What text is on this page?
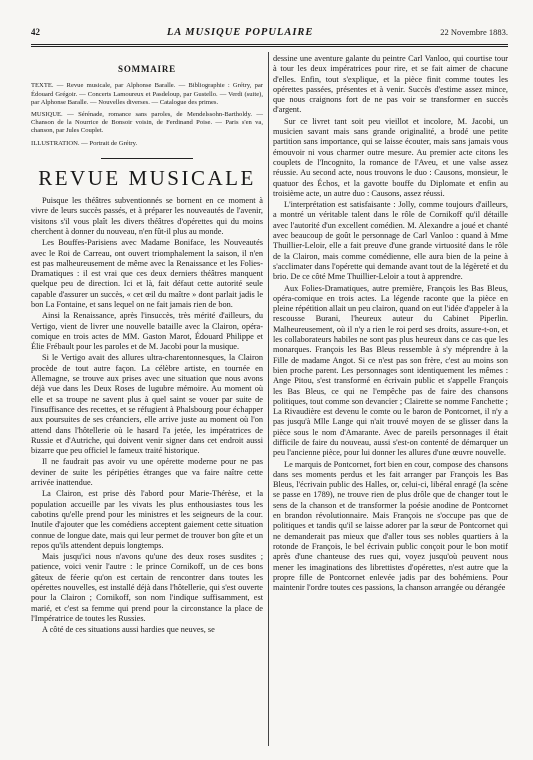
42	LA MUSIQUE POPULAIRE	22 Novembre 1883.
SOMMAIRE

TEXTE. — Revue musicale, par Alphonse Baralle. — Bibliographie : Grétry, par Édouard Grégoir. — Concerts Lamoureux et Pasdeloup, par Gustello. — Verdi (suite), par Alphonse Baralle. — Nouvelles diverses. — Catalogue des primes.

MUSIQUE. — Sérénade, romance sans paroles, de Mendelssohn-Bartholdy. — Chanson de la Nourrice de Bonsoir voisin, de Ferdinand Poise. — Paris s'en va, chanson, par Jules Couplet.

ILLUSTRATION. — Portrait de Grétry.

REVUE MUSICALE

Puisque les théâtres subventionnés se bornent en ce moment à vivre de leurs succès passés, et à préparer les nouveautés de l'avenir, visitons s'il vous plaît les divers théâtres d'opérettes qui du moins cherchent à donner du nouveau, n'en fût-il plus au monde.

Les Bouffes-Parisiens avec Madame Boniface, les Nouveautés avec le Roi de Carreau, ont ouvert triomphalement la saison, il n'en est pas malheureusement de même avec la Renaissance et les Folies-Dramatiques : il est vrai que ces deux derniers théâtres manquent quelque peu de direction. Ici et là, fait défaut cette autorité seule capable d'assurer un succès, « cet œil du maître » dont parlait jadis le bon La Fontaine, et sans lequel on ne fait jamais rien de bon.

Ainsi la Renaissance, après l'insuccès, très mérité d'ailleurs, du Vertigo, vient de livrer une nouvelle bataille avec la Clairon, opéra-comique en trois actes de MM. Gaston Marot, Édouard Philippe et Élie Frébault pour les paroles et de M. Jacobi pour la musique.

Si le Vertigo avait des allures ultra-charentonnesques, la Clairon procède de tout autre façon. La célèbre artiste, en tournée en Allemagne, se trouve aux prises avec une situation que nous avons déjà vue dans les Deux Roses de lugubre mémoire. Au moment où elle et sa troupe ne savent plus à quel saint se vouer par suite de l'insuffisance des recettes, et se réfugient à Phalsbourg pour échapper aux poursuites de ses créanciers, elle arrive juste au moment où l'on attend dans l'hôtellerie où le hasard l'a jetée, les impératrices de Russie et d'Autriche, qui doivent venir signer dans cet endroit aussi bizarre que peu officiel le fameux traité historique.

Il ne faudrait pas avoir vu une opérette moderne pour ne pas deviner de suite les péripéties étranges que va faire naître cette arrivée inattendue.

La Clairon, est prise dès l'abord pour Marie-Thérèse, et la population accueille par les vivats les plus enthousiastes tous les cabotins qu'elle prend pour les ministres et les seigneurs de la cour. Inutile d'ajouter que les comédiens acceptent gaiement cette situation connue de longue date, mais qui leur permet de trouver bon gîte et un repos qu'ils attendent depuis longtemps.

Mais jusqu'ici nous n'avons qu'une des deux roses susdites ; patience, voici venir l'autre : le prince Cornikoff, un de ces bons gâteux de féerie qu'on est certain de rencontrer dans toutes les opérettes nouvelles, est installé déjà dans l'hôtellerie, qui s'est ouverte pour la Clairon ; Cornikoff, son nom l'indique suffisamment, est marié, et c'est sa femme qui prend pour la circonstance la place de l'Impératrice de toutes les Russies.

A côté de ces situations aussi hardies que neuves, se

dessine une aventure galante du peintre Carl Vanloo, qui courtise tour à tour les deux impératrices pour rire, et se fait aimer de chacune d'elles. Enfin, tout s'explique, et la pièce finit comme toutes les opérettes passées, présentes et à venir. Succès d'estime assez mince, que nous craignons fort de ne pas voir se transformer en succès d'argent.

Sur ce livret tant soit peu vieillot et incolore, M. Jacobi, un musicien savant mais sans grande originalité, a brodé une petite partition sans importance, qui se laisse écouter, mais sans jamais vous émouvoir ni vous charmer outre mesure. Au premier acte citons les couplets de l'Incognito, la romance de l'Aveu, et une valse assez réussie. Au second acte, nous trouvons le duo : Causons, monsieur, le quatuor des Échos, et la gavotte bouffe du Diplomate et enfin au troisième acte, un autre duo : Causons, assez réussi.

L'interprétation est satisfaisante : Jolly, comme toujours d'ailleurs, a montré un véritable talent dans le rôle de Cornikoff qu'il détaille avec l'autorité d'un excellent comédien. M. Alexandre a joué et chanté avec beaucoup de goût le personnage de Carl Vanloo : quand à Mme Thuillier-Leloir, elle a fait preuve d'une grande virtuosité dans le rôle de la Clairon, mais comme comédienne, elle aura bien de la peine à s'acclimater dans l'opérette qui demande avant tout de la légèreté et du brio. De ce côté Mme Thuillier-Leloir a tout à apprendre.

Aux Folies-Dramatiques, autre première, François les Bas Bleus, opéra-comique en trois actes. La légende raconte que la pièce en pleine répétition allait un peu clairon, quand on eut l'idée d'appeler à la rescousse Burani, l'heureux auteur du Cabinet Piperlin. Malheureusement, où il n'y a rien le roi perd ses droits, assure-t-on, et les collaborateurs habiles ne sont pas plus heureux dans ce cas que les monarques. François les Bas Bleus ressemble à s'y méprendre à la Fille de madame Angot. Si ce n'est pas son frère, c'est au moins son bien proche parent. Les personnages sont identiquement les mêmes : Ange Pitou, s'est transformé en écrivain public et s'appelle François les Bas Bleus, ce qui ne l'empêche pas de faire des chansons politiques, tout comme son devancier ; Clairette se nomme Fanchette ; La Rivaudière est devenu le comte ou le baron de Pontcornet, il n'y a pas jusqu'à Mlle Lange qui n'ait trouvé moyen de se glisser dans la pièce sous le nom d'Amarante. Avec de pareils personnages il était difficile de faire du nouveau, aussi s'est-on contenté de démarquer un peu l'ancienne pièce, pour lui donner les allures d'une œuvre nouvelle.

Le marquis de Pontcornet, fort bien en cour, compose des chansons dans ses moments perdus et les fait arranger par François les Bas Bleus, l'écrivain public des Halles, or, celui-ci, libéral enragé (la scène se passe en 1789), ne trouve rien de plus drôle que de changer tout le sens de la chanson et de transformer la poésie anodine de Pontcornet en brandon révolutionnaire. Mais François ne s'occupe pas que de politiques et tandis qu'il se laisse adorer par la sœur de Pontcornet qui ne demanderait pas mieux que d'aller tous ses nobles quartiers à la rotonde de François, le bel écrivain public conçoit pour le bon motif après d'une chanteuse des rues qui, voyez jusqu'où peuvent nous mener les imaginations des librettistes d'opérettes, n'est autre que la propre fille de Pontcornet enlevée jadis par des bohémiens. Pour maintenir l'ordre toutes ces passions, la chanson arrangée ou dérangée
